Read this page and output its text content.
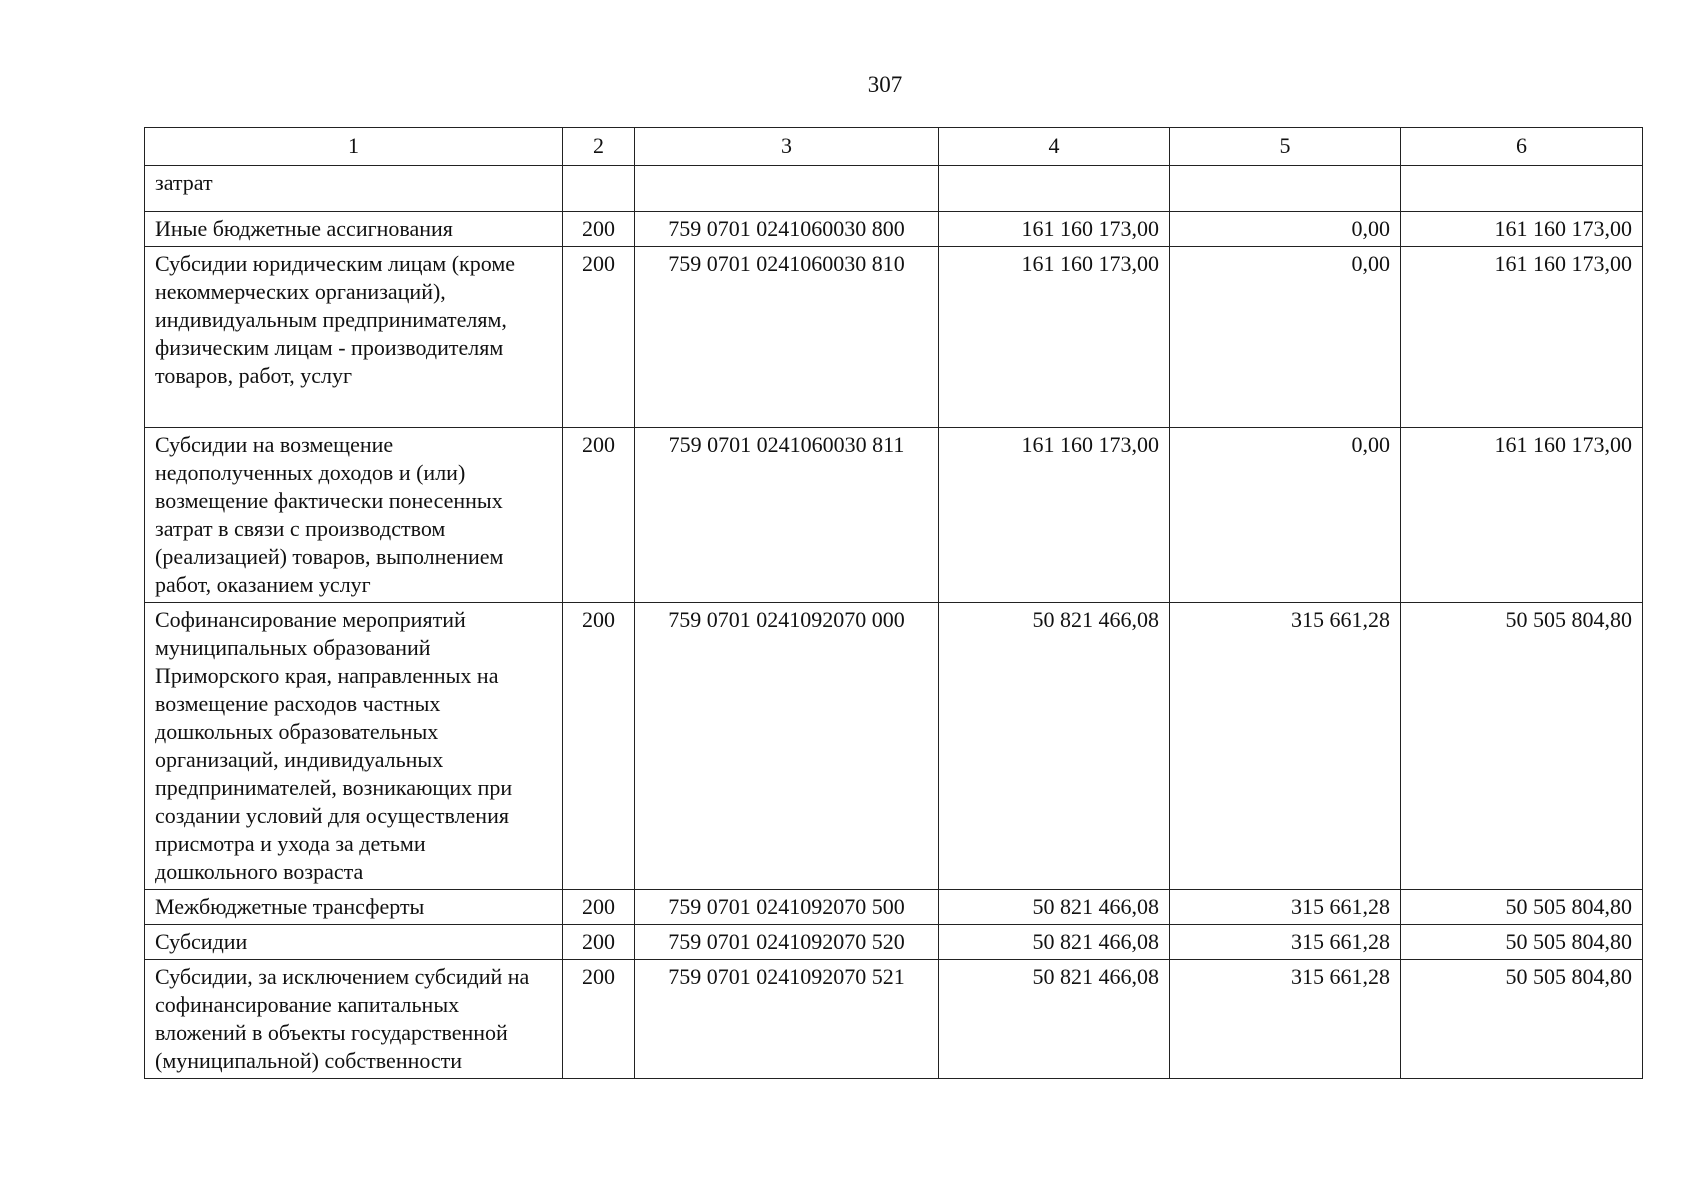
307
1	2	3	4	5	6
затрат					
Иные бюджетные ассигнования	200	759 0701 0241060030 800	161 160 173,00	0,00	161 160 173,00
Субсидии юридическим лицам (кроме некоммерческих организаций), индивидуальным предпринимателям, физическим лицам - производителям товаров, работ, услуг	200	759 0701 0241060030 810	161 160 173,00	0,00	161 160 173,00
Субсидии на возмещение недополученных доходов и (или) возмещение фактически понесенных затрат в связи с производством (реализацией) товаров, выполнением работ, оказанием услуг	200	759 0701 0241060030 811	161 160 173,00	0,00	161 160 173,00
Софинансирование мероприятий муниципальных образований Приморского края, направленных на возмещение расходов частных дошкольных образовательных организаций, индивидуальных предпринимателей, возникающих при создании условий для осуществления присмотра и ухода за детьми дошкольного возраста	200	759 0701 0241092070 000	50 821 466,08	315 661,28	50 505 804,80
Межбюджетные трансферты	200	759 0701 0241092070 500	50 821 466,08	315 661,28	50 505 804,80
Субсидии	200	759 0701 0241092070 520	50 821 466,08	315 661,28	50 505 804,80
Субсидии, за исключением субсидий на софинансирование капитальных вложений в объекты государственной (муниципальной) собственности	200	759 0701 0241092070 521	50 821 466,08	315 661,28	50 505 804,80
